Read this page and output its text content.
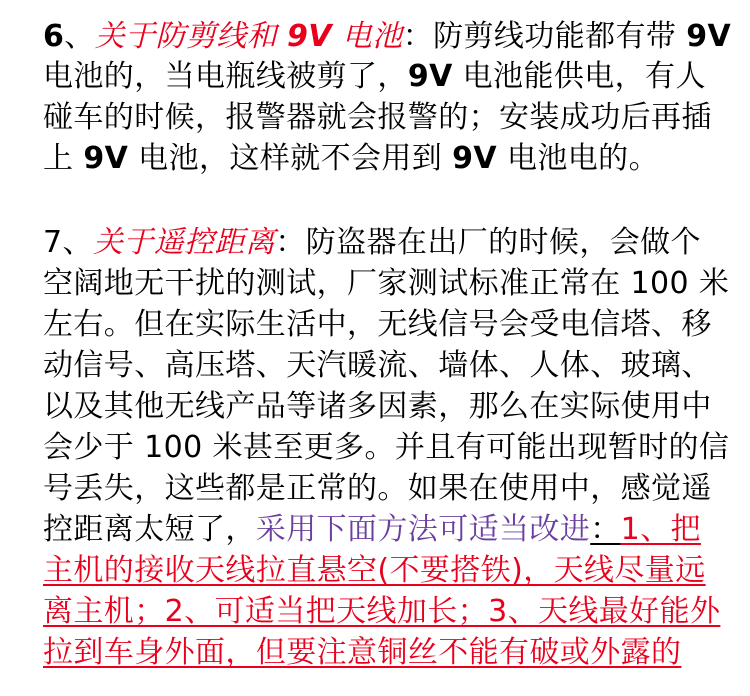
6、关于防剪线和 9V 电池：防剪线功能都有带 9V
电池的，当电瓶线被剪了，9V 电池能供电，有人
碰车的时候，报警器就会报警的；安装成功后再插
上 9V 电池，这样就不会用到 9V 电池电的。
7、关于遥控距离：防盗器在出厂的时候，会做个
空阔地无干扰的测试，厂家测试标准正常在 100 米
左右。但在实际生活中，无线信号会受电信塔、移
动信号、高压塔、天汽暖流、墙体、人体、玻璃、
以及其他无线产品等诸多因素，那么在实际使用中
会少于 100 米甚至更多。并且有可能出现暂时的信
号丢失，这些都是正常的。如果在使用中，感觉遥
控距离太短了，采用下面方法可适当改进：1、把
主机的接收天线拉直悬空(不要搭铁)，天线尽量远
离主机；2、可适当把天线加长；3、天线最好能外
拉到车身外面，但要注意铜丝不能有破或外露的
